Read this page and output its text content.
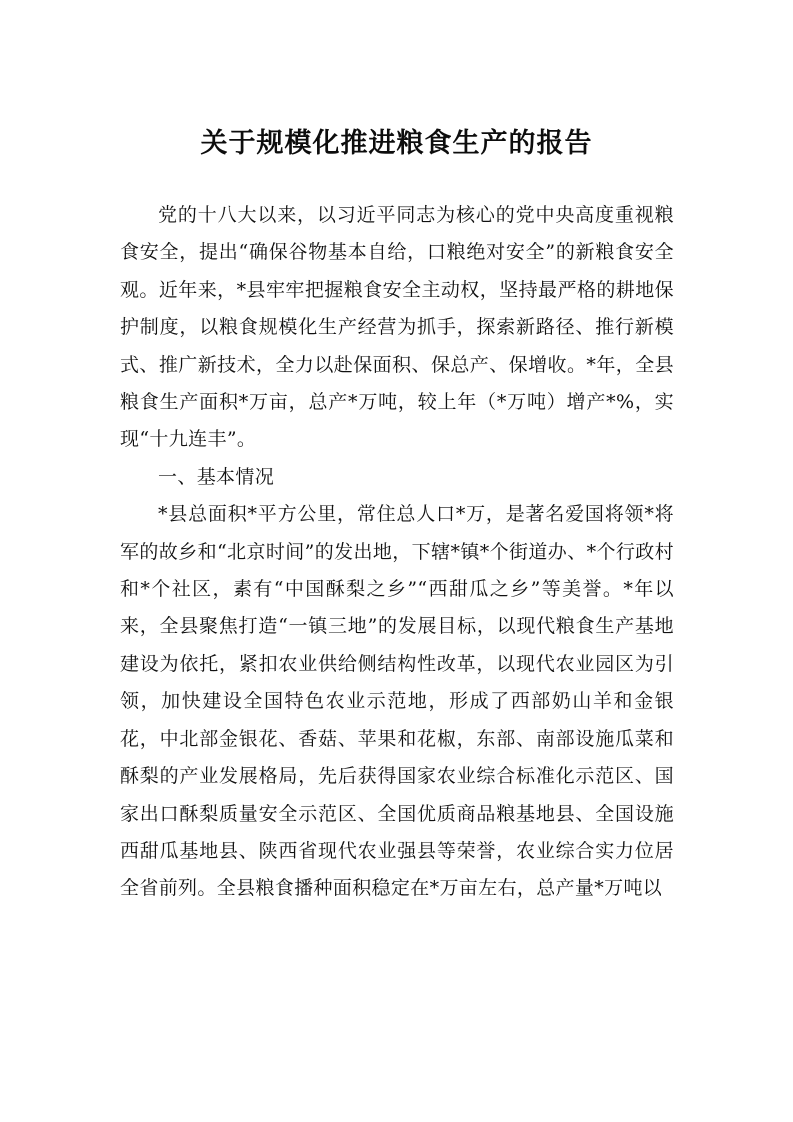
关于规模化推进粮食生产的报告

党的十八大以来，以习近平同志为核心的党中央高度重视粮食安全，提出“确保谷物基本自给，口粮绝对安全”的新粮食安全观。近年来，*县牢牢把握粮食安全主动权，坚持最严格的耕地保护制度，以粮食规模化生产经营为抓手，探索新路径、推行新模式、推广新技术，全力以赴保面积、保总产、保增收。*年，全县粮食生产面积*万亩，总产*万吨，较上年（*万吨）增产*%，实现“十九连丰”。

一、基本情况

*县总面积*平方公里，常住总人口*万，是著名爱国将领*将军的故乡和“北京时间”的发出地，下辖*镇*个街道办、*个行政村和*个社区，素有“中国酥梨之乡”“西甜瓜之乡”等美誉。*年以来，全县聚焦打造“一镇三地”的发展目标，以现代粮食生产基地建设为依托，紧扣农业供给侧结构性改革，以现代农业园区为引领，加快建设全国特色农业示范地，形成了西部奶山羊和金银花，中北部金银花、香菇、苹果和花椒，东部、南部设施瓜菜和酥梨的产业发展格局，先后获得国家农业综合标准化示范区、国家出口酥梨质量安全示范区、全国优质商品粮基地县、全国设施西甜瓜基地县、陕西省现代农业强县等荣誉，农业综合实力位居全省前列。全县粮食播种面积稳定在*万亩左右，总产量*万吨以
